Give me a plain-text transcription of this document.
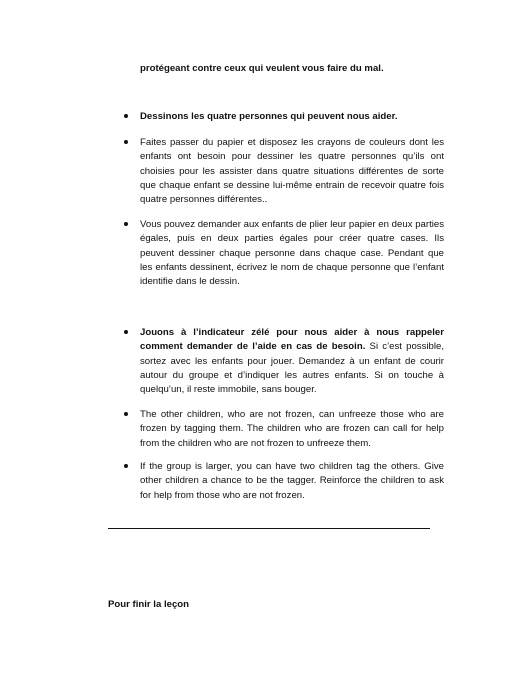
protégeant contre ceux qui veulent vous faire du mal.
Dessinons les quatre personnes qui peuvent nous aider.
Faites passer du papier et disposez les crayons de couleurs dont les enfants ont besoin pour dessiner les quatre personnes qu’ils ont choisies pour les assister dans quatre situations différentes de sorte que chaque enfant se dessine lui-même entrain de recevoir quatre fois quatre personnes différentes..
Vous pouvez demander aux enfants de plier leur papier en deux parties égales, puis en deux parties égales pour créer quatre cases. Ils peuvent dessiner chaque personne dans chaque case. Pendant que les enfants dessinent, écrivez le nom de chaque personne que l’enfant identifie dans le dessin.
Jouons à l’indicateur zélé pour nous aider à nous rappeler comment demander de l’aide en cas de besoin. Si c’est possible, sortez avec les enfants pour jouer. Demandez à un enfant de courir autour du groupe et d’indiquer les autres enfants. Si on touche à quelqu’un, il reste immobile, sans bouger.
The other children, who are not frozen, can unfreeze those who are frozen by tagging them. The children who are frozen can call for help from the children who are not frozen to unfreeze them.
If the group is larger, you can have two children tag the others. Give other children a chance to be the tagger. Reinforce the children to ask for help from those who are not frozen.
Pour finir la leçon
